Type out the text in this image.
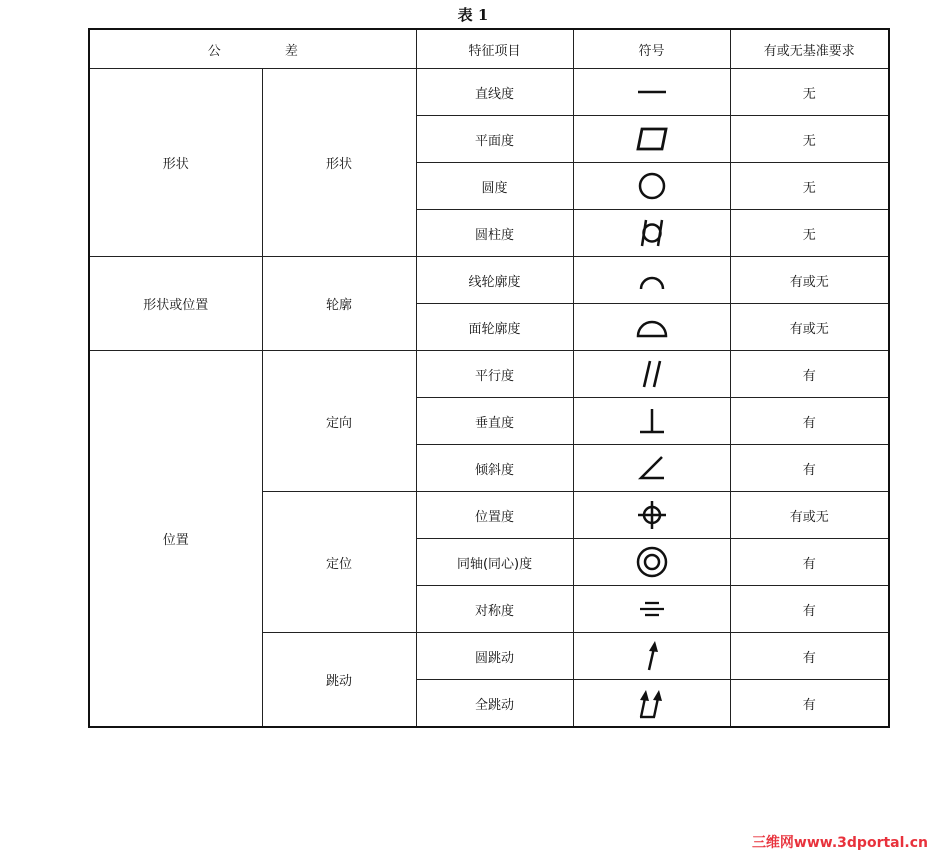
表 1
公 差		特征项目	符号	有或无基准要求
形状	形状	直线度		无
		平面度		无
		圆度		无
		圆柱度		无
形状或位置	轮廓	线轮廓度		有或无
		面轮廓度		有或无
位置	定向	平行度		有
		垂直度		有
		倾斜度		有
	定位	位置度		有或无
		同轴(同心)度		有
		对称度		有
	跳动	圆跳动		有
		全跳动		有
三维网www.3dportal.cn
